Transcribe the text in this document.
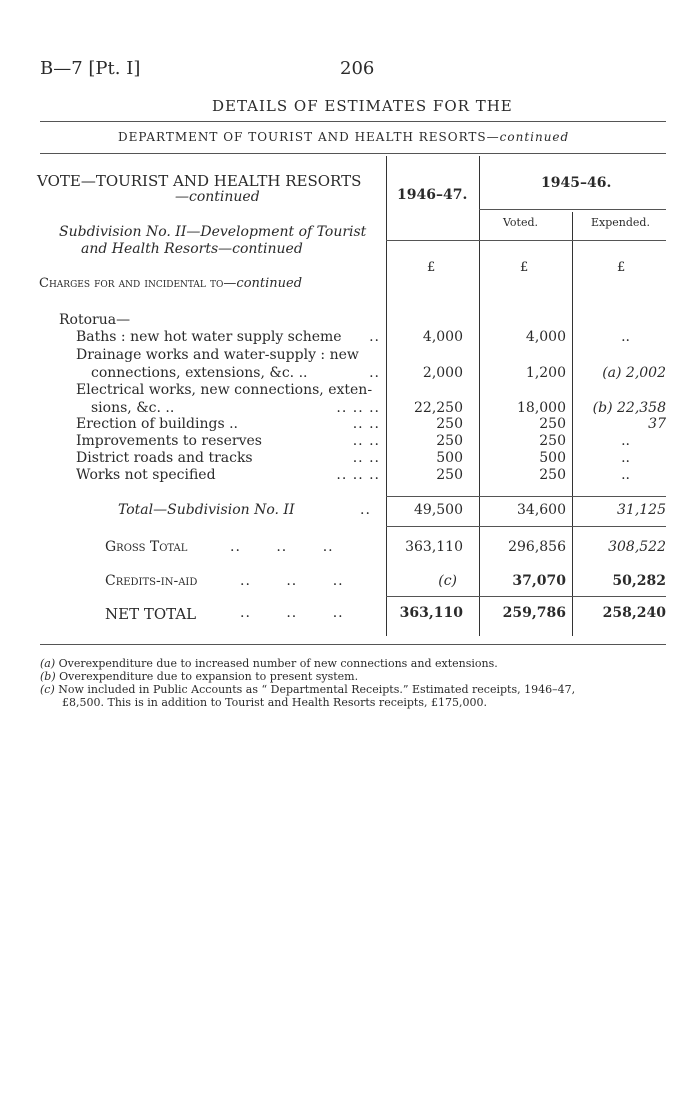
B—7 [Pt. I]	206
DETAILS OF ESTIMATES FOR THE
DEPARTMENT OF TOURIST AND HEALTH RESORTS—continued
1946–47.
1945–46.
Voted.	Expended.
£	£	£
VOTE—TOURIST AND HEALTH RESORTS
—continued
Subdivision No. II—Development of Tourist
and Health Resorts—continued
Charges for and incidental to—continued
Rotorua—
Baths : new hot water supply scheme ..	4,000	4,000	..
Drainage works and water-supply : new
connections, extensions, &c. ..	..	2,000	1,200	(a) 2,002
Electrical works, new connections, exten-
sions, &c. ..	.. .. ..	22,250	18,000	(b) 22,358
Erection of buildings ..	.. ..	250	250	37
Improvements to reserves	.. ..	250	250	..
District roads and tracks	.. ..	500	500	..
Works not specified	.. .. ..	250	250	..
Total—Subdivision No. II	..	49,500	34,600	31,125
Gross Total	.. .. ..	363,110	296,856	308,522
Credits-in-aid	.. .. ..	(c)	37,070	50,282
NET TOTAL	.. .. ..	363,110	259,786	258,240
(a) Overexpenditure due to increased number of new connections and extensions.
(b) Overexpenditure due to expansion to present system.
(c) Now included in Public Accounts as “ Departmental Receipts.” Estimated receipts, 1946–47,
£8,500. This is in addition to Tourist and Health Resorts receipts, £175,000.
